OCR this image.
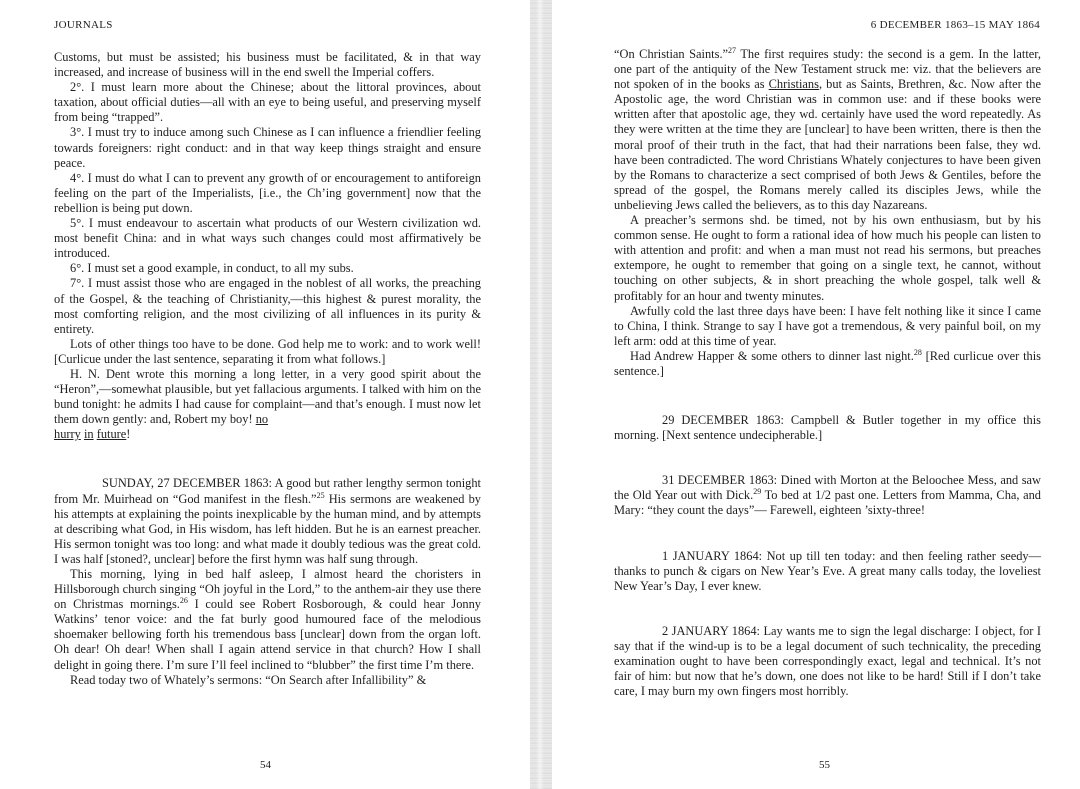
JOURNALS

Customs, but must be assisted; his business must be facilitated, & in that way increased, and increase of business will in the end swell the Imperial coffers.

2°. I must learn more about the Chinese; about the littoral provinces, about taxation, about official duties—all with an eye to being useful, and preserving myself from being “trapped”.

3°. I must try to induce among such Chinese as I can influence a friendlier feeling towards foreigners: right conduct: and in that way keep things straight and ensure peace.

4°. I must do what I can to prevent any growth of or encouragement to antiforeign feeling on the part of the Imperialists, [i.e., the Ch’ing government] now that the rebellion is being put down.

5°. I must endeavour to ascertain what products of our Western civilization wd. most benefit China: and in what ways such changes could most affirmatively be introduced.

6°. I must set a good example, in conduct, to all my subs.

7°. I must assist those who are engaged in the noblest of all works, the preaching of the Gospel, & the teaching of Christianity,—this highest & purest morality, the most comforting religion, and the most civilizing of all influences in its purity & entirety.

Lots of other things too have to be done. God help me to work: and to work well! [Curlicue under the last sentence, separating it from what follows.]

H. N. Dent wrote this morning a long letter, in a very good spirit about the “Heron”,—somewhat plausible, but yet fallacious arguments. I talked with him on the bund tonight: he admits I had cause for complaint—and that’s enough. I must now let them down gently: and, Robert my boy! no
hurry in future!

SUNDAY, 27 DECEMBER 1863: A good but rather lengthy sermon tonight from Mr. Muirhead on “God manifest in the flesh.”$^{25}$ His sermons are weakened by his attempts at explaining the points inexplicable by the human mind, and by attempts at describing what God, in His wisdom, has left hidden. But he is an earnest preacher. His sermon tonight was too long: and what made it doubly tedious was the great cold. I was half [stoned?, unclear] before the first hymn was half sung through.

This morning, lying in bed half asleep, I almost heard the choristers in Hillsborough church singing “Oh joyful in the Lord,” to the anthem-air they use there on Christmas mornings.$^{26}$ I could see Robert Rosborough, & could hear Jonny Watkins’ tenor voice: and the fat burly good humoured face of the melodious shoemaker bellowing forth his tremendous bass [unclear] down from the organ loft. Oh dear! Oh dear! When shall I again attend service in that church? How I shall delight in going there. I’m sure I’ll feel inclined to “blubber” the first time I’m there.

Read today two of Whately’s sermons: “On Search after Infallibility” &

54
6 DECEMBER 1863–15 MAY 1864

“On Christian Saints.”$^{27}$ The first requires study: the second is a gem. In the latter, one part of the antiquity of the New Testament struck me: viz. that the believers are not spoken of in the books as Christians, but as Saints, Brethren, &c. Now after the Apostolic age, the word Christian was in common use: and if these books were written after that apostolic age, they wd. certainly have used the word repeatedly. As they were written at the time they are [unclear] to have been written, there is then the moral proof of their truth in the fact, that had their narrations been false, they wd. have been contradicted. The word Christians Whately conjectures to have been given by the Romans to characterize a sect comprised of both Jews & Gentiles, before the spread of the gospel, the Romans merely called its disciples Jews, while the unbelieving Jews called the believers, as to this day Nazareans.

A preacher’s sermons shd. be timed, not by his own enthusiasm, but by his common sense. He ought to form a rational idea of how much his people can listen to with attention and profit: and when a man must not read his sermons, but preaches extempore, he ought to remember that going on a single text, he cannot, without touching on other subjects, & in short preaching the whole gospel, talk well & profitably for an hour and twenty minutes.

Awfully cold the last three days have been: I have felt nothing like it since I came to China, I think. Strange to say I have got a tremendous, & very painful boil, on my left arm: odd at this time of year.

Had Andrew Happer & some others to dinner last night.$^{28}$ [Red curlicue over this sentence.]

29 DECEMBER 1863: Campbell & Butler together in my office this morning. [Next sentence undecipherable.]

31 DECEMBER 1863: Dined with Morton at the Beloochee Mess, and saw the Old Year out with Dick.$^{29}$ To bed at 1/2 past one. Letters from Mamma, Cha, and Mary: “they count the days”— Farewell, eighteen ’sixty-three!

1 JANUARY 1864: Not up till ten today: and then feeling rather seedy—thanks to punch & cigars on New Year’s Eve. A great many calls today, the loveliest New Year’s Day, I ever knew.

2 JANUARY 1864: Lay wants me to sign the legal discharge: I object, for I say that if the wind-up is to be a legal document of such technicality, the preceding examination ought to have been correspondingly exact, legal and technical. It’s not fair of him: but now that he’s down, one does not like to be hard! Still if I don’t take care, I may burn my own fingers most horribly.

55
